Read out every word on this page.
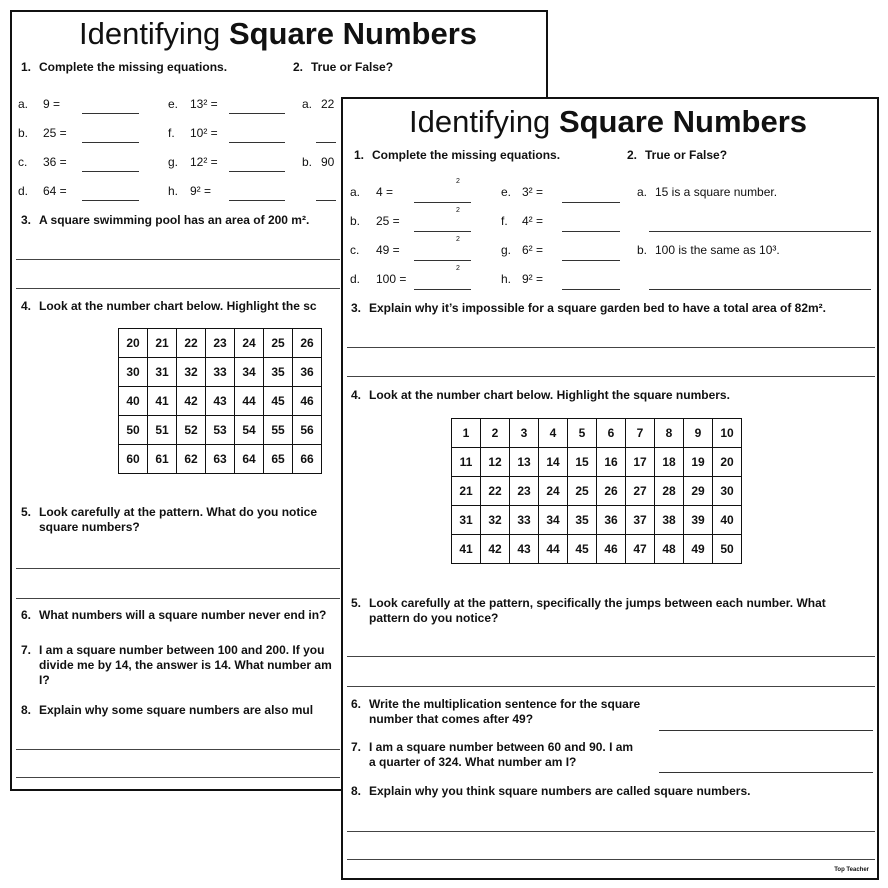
Identifying Square Numbers
1. Complete the missing equations.	2. True or False?
a. 9 =
b. 25 =
c. 36 =
d. 64 =
e. 13² =
f. 10² =
g. 12² =
h. 9² =
a. 22
b. 90
3. A square swimming pool has an area of 200 m².
4. Look at the number chart below. Highlight the sc
20	21	22	23	24	25	26
30	31	32	33	34	35	36
40	41	42	43	44	45	46
50	51	52	53	54	55	56
60	61	62	63	64	65	66
5. Look carefully at the pattern. What do you notice square numbers?
6. What numbers will a square number never end in?
7. I am a square number between 100 and 200. If you divide me by 14, the answer is 14. What number am I?
8. Explain why some square numbers are also mul
Identifying Square Numbers
1. Complete the missing equations.	2. True or False?
a. 4 =
2
b. 25 =
2
c. 49 =
2
d. 100 =
2
e. 3² =
f. 4² =
g. 6² =
h. 9² =
a. 15 is a square number.
b. 100 is the same as 10³.
3. Explain why it’s impossible for a square garden bed to have a total area of 82m².
4. Look at the number chart below. Highlight the square numbers.
1	2	3	4	5	6	7	8	9	10
11	12	13	14	15	16	17	18	19	20
21	22	23	24	25	26	27	28	29	30
31	32	33	34	35	36	37	38	39	40
41	42	43	44	45	46	47	48	49	50
5. Look carefully at the pattern, specifically the jumps between each number. What pattern do you notice?
6. Write the multiplication sentence for the square number that comes after 49?
7. I am a square number between 60 and 90. I am a quarter of 324. What number am I?
8. Explain why you think square numbers are called square numbers.
Top Teacher
